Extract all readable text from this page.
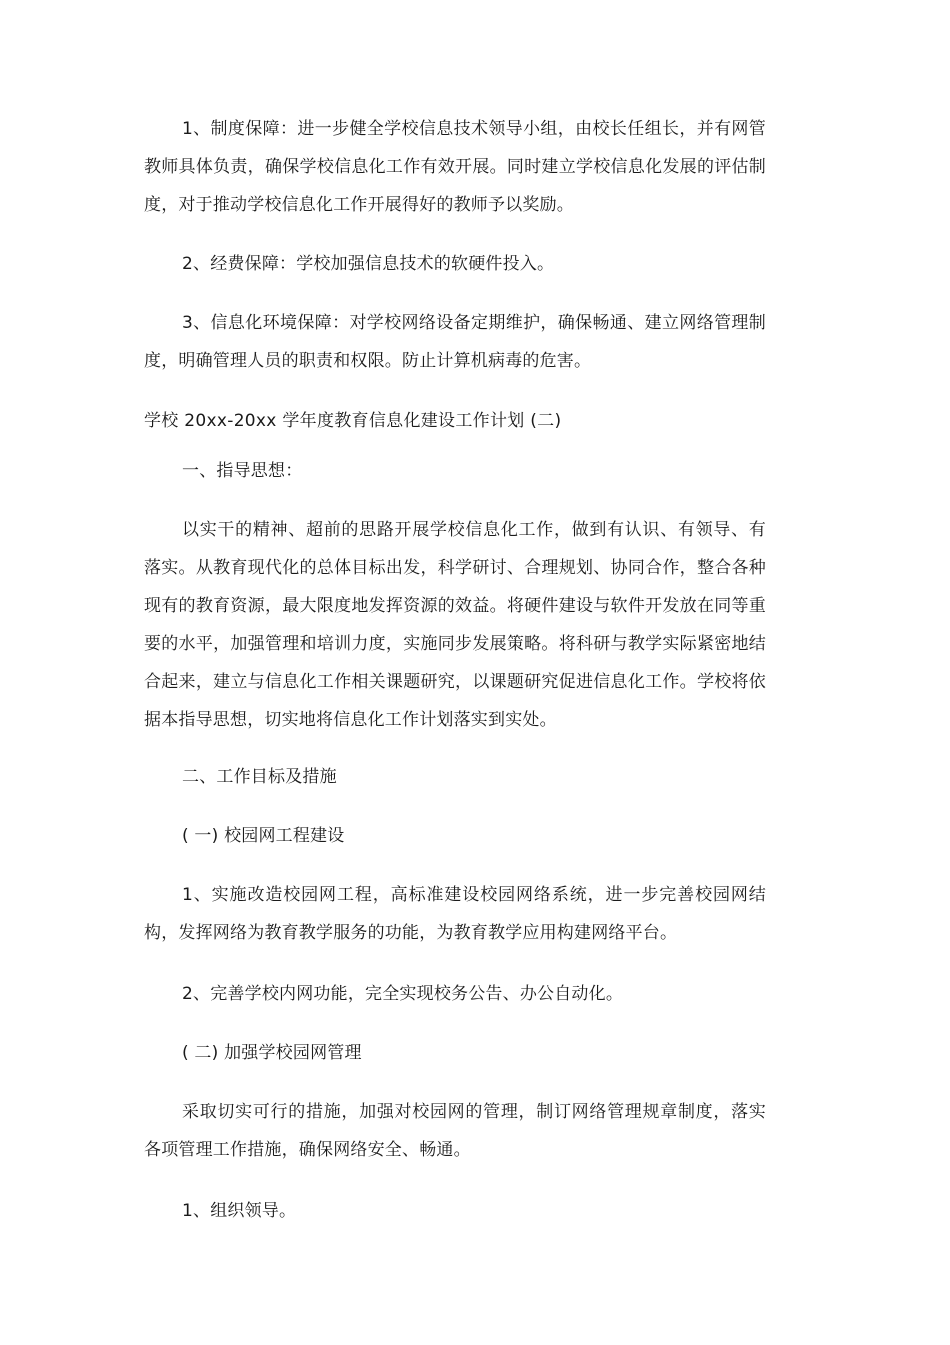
1、制度保障：进一步健全学校信息技术领导小组，由校长任组长，并有网管教师具体负责，确保学校信息化工作有效开展。同时建立学校信息化发展的评估制度，对于推动学校信息化工作开展得好的教师予以奖励。

2、经费保障：学校加强信息技术的软硬件投入。

3、信息化环境保障：对学校网络设备定期维护，确保畅通、建立网络管理制度，明确管理人员的职责和权限。防止计算机病毒的危害。

学校 20xx-20xx 学年度教育信息化建设工作计划 (二)

一、指导思想：

以实干的精神、超前的思路开展学校信息化工作，做到有认识、有领导、有落实。从教育现代化的总体目标出发，科学研讨、合理规划、协同合作，整合各种现有的教育资源，最大限度地发挥资源的效益。将硬件建设与软件开发放在同等重要的水平，加强管理和培训力度，实施同步发展策略。将科研与教学实际紧密地结合起来，建立与信息化工作相关课题研究，以课题研究促进信息化工作。学校将依据本指导思想，切实地将信息化工作计划落实到实处。

二、工作目标及措施

( 一) 校园网工程建设

1、实施改造校园网工程，高标准建设校园网络系统，进一步完善校园网结构，发挥网络为教育教学服务的功能，为教育教学应用构建网络平台。

2、完善学校内网功能，完全实现校务公告、办公自动化。

( 二) 加强学校园网管理

采取切实可行的措施，加强对校园网的管理，制订网络管理规章制度，落实各项管理工作措施，确保网络安全、畅通。

1、组织领导。
